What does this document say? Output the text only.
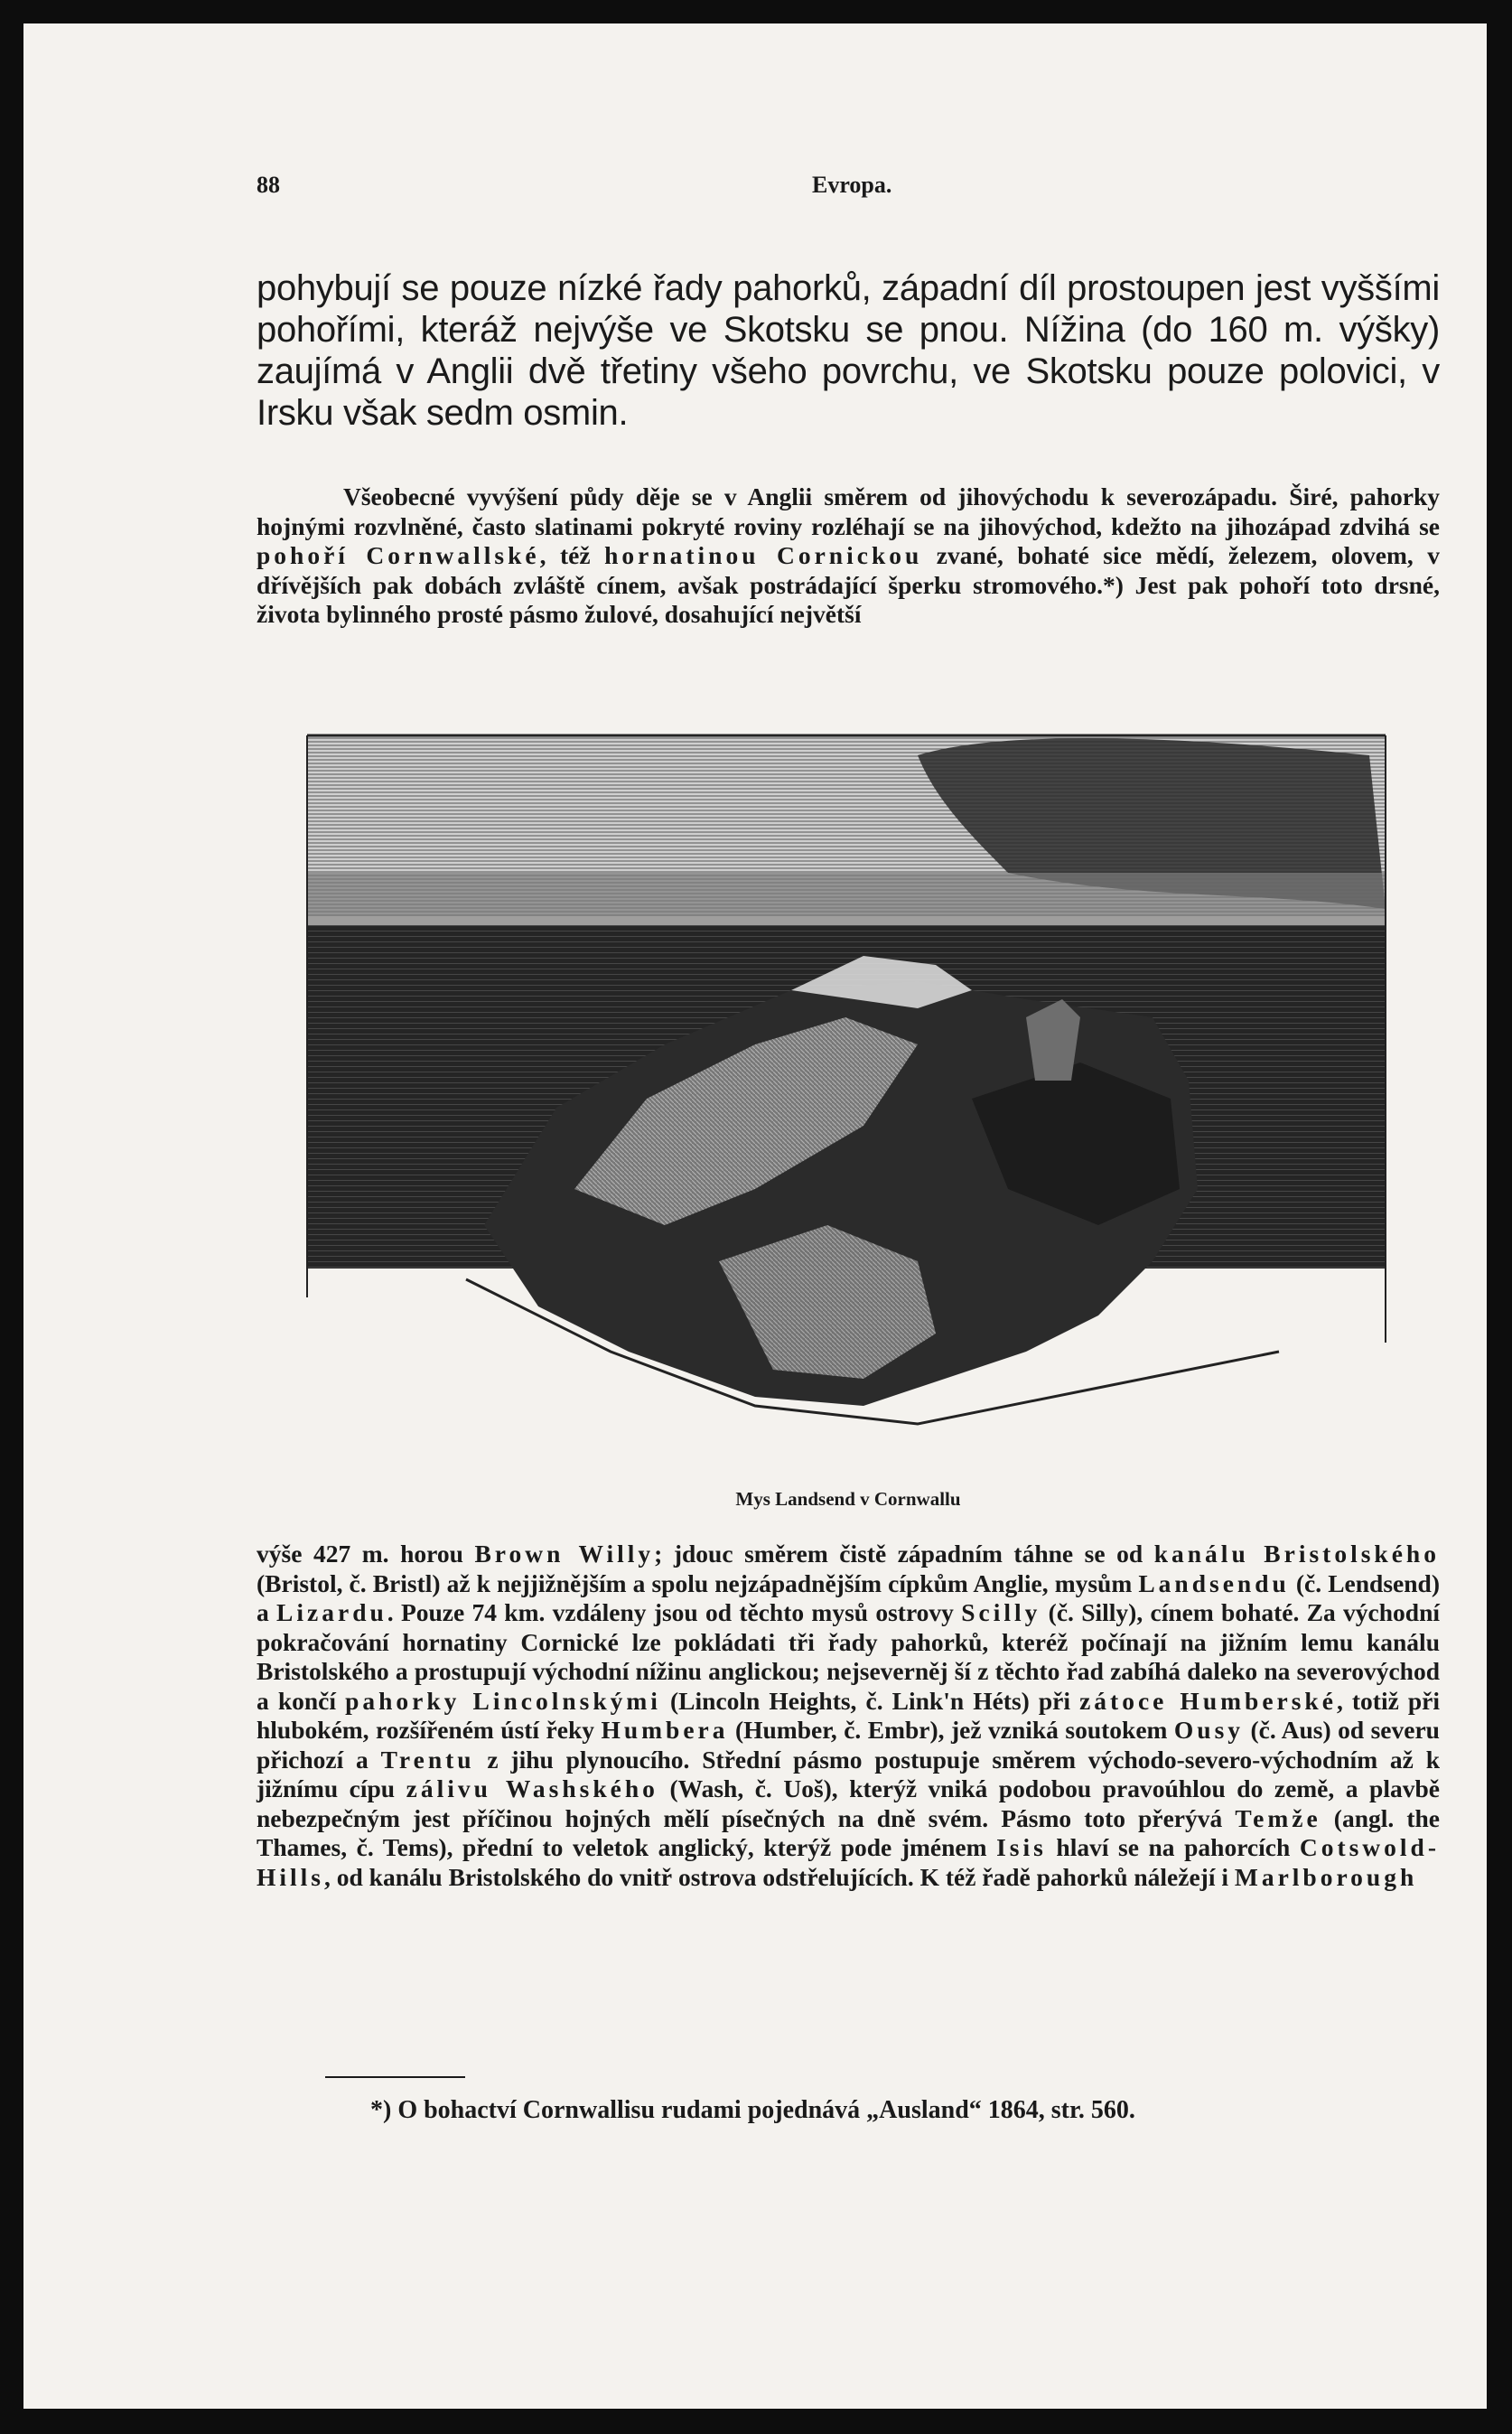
88	Evropa.
pohybují se pouze nízké řady pahorků, západní díl prostoupen jest vyššími pohořími, kteráž nejvýše ve Skotsku se pnou. Nížina (do 160 m. výšky) zaujímá v Anglii dvě třetiny všeho povrchu, ve Skotsku pouze polovici, v Irsku však sedm osmin.
Všeobecné vyvýšení půdy děje se v Anglii směrem od jihovýchodu k severozápadu. Širé, pahorky hojnými rozvlněné, často slatinami pokryté roviny rozléhají se na jihovýchod, kdežto na jihozápad zdvihá se pohoří Cornwallské, též hornatinou Cornickou zvané, bohaté sice mědí, železem, olovem, v dřívějších pak dobách zvláště cínem, avšak postrádající šperku stromového.*) Jest pak pohoří toto drsné, života bylinného prosté pásmo žulové, dosahující největší
Mys Landsend v Cornwallu
výše 427 m. horou Brown Willy; jdouc směrem čistě západním táhne se od kanálu Bristolského (Bristol, č. Bristl) až k nejjižnějším a spolu nejzápadnějším cípkům Anglie, mysům Landsendu (č. Lendsend) a Lizardu. Pouze 74 km. vzdáleny jsou od těchto mysů ostrovy Scilly (č. Silly), cínem bohaté. Za východní pokračování hornatiny Cornické lze pokládati tři řady pahorků, kteréž počínají na jižním lemu kanálu Bristolského a prostupují východní nížinu anglickou; nejseverněj ší z těchto řad zabíhá daleko na severovýchod a končí pahorky Lincolnskými (Lincoln Heights, č. Link'n Héts) při zátoce Humberské, totiž při hlubokém, rozšířeném ústí řeky Humbera (Humber, č. Embr), jež vzniká soutokem Ousy (č. Aus) od severu přichozí a Trentu z jihu plynoucího. Střední pásmo postupuje směrem východo-severo-východním až k jižnímu cípu zálivu Washského (Wash, č. Uoš), kterýž vniká podobou pravoúhlou do země, a plavbě nebezpečným jest příčinou hojných mělí písečných na dně svém. Pásmo toto přerývá Temže (angl. the Thames, č. Tems), přední to veletok anglický, kterýž pode jménem Isis hlaví se na pahorcích Cotswold-Hills, od kanálu Bristolského do vnitř ostrova odstřelujících. K též řadě pahorků náležejí i Marlborough
*) O bohactví Cornwallisu rudami pojednává „Ausland“ 1864, str. 560.
